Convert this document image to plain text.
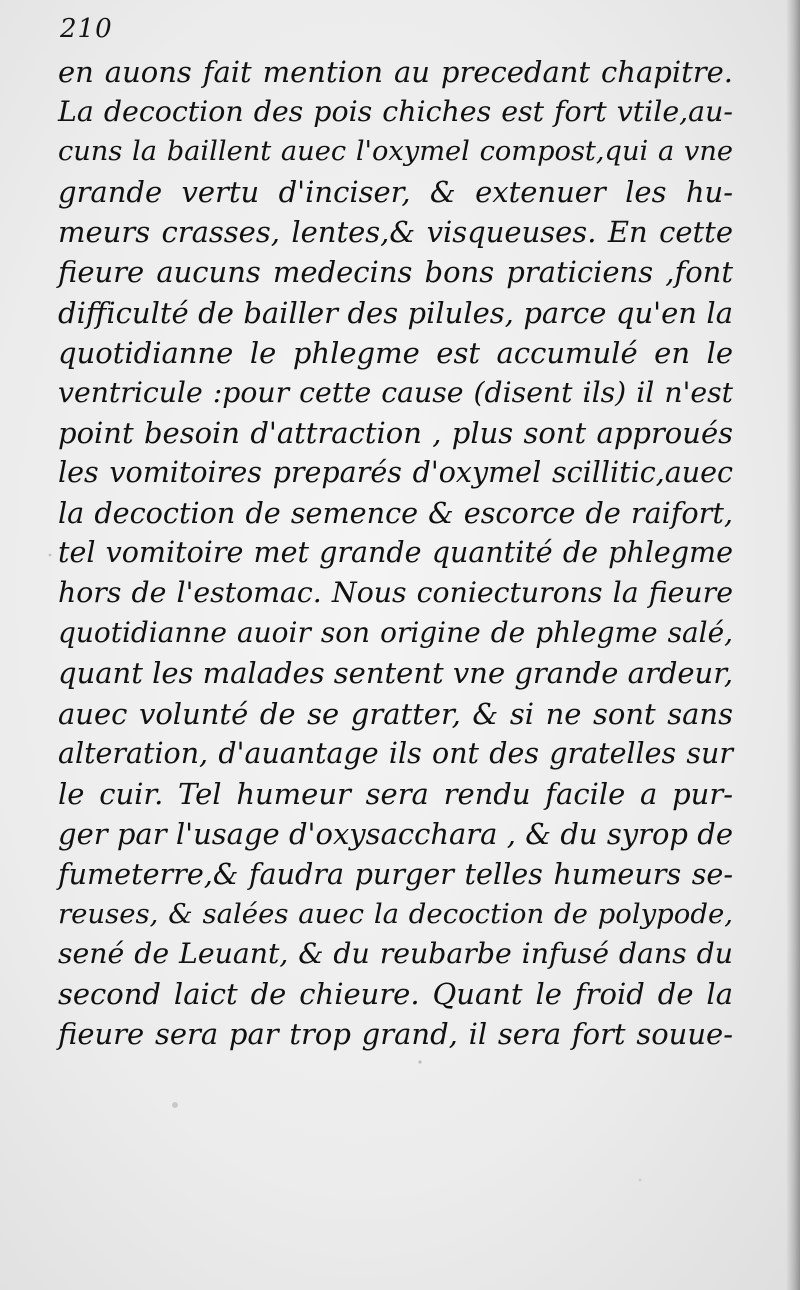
210
en auons fait mention au precedant chapitre.
La decoction des pois chiches est fort vtile,au-
cuns la baillent auec l'oxymel compost,qui a vne
grande vertu d'inciser, & extenuer les hu-
meurs crasses, lentes,& visqueuses. En cette
fieure aucuns medecins bons praticiens ,font
difficulté de bailler des pilules, parce qu'en la
quotidianne le phlegme est accumulé en le
ventricule :pour cette cause (disent ils) il n'est
point besoin d'attraction , plus sont approués
les vomitoires preparés d'oxymel scillitic,auec
la decoction de semence & escorce de raifort,
tel vomitoire met grande quantité de phlegme
hors de l'estomac. Nous coniecturons la fieure
quotidianne auoir son origine de phlegme salé,
quant les malades sentent vne grande ardeur,
auec volunté de se gratter, & si ne sont sans
alteration, d'auantage ils ont des gratelles sur
le cuir. Tel humeur sera rendu facile a pur-
ger par l'usage d'oxysacchara , & du syrop de
fumeterre,& faudra purger telles humeurs se-
reuses, & salées auec la decoction de polypode,
sené de Leuant, & du reubarbe infusé dans du
second laict de chieure. Quant le froid de la
fieure sera par trop grand, il sera fort souue-
